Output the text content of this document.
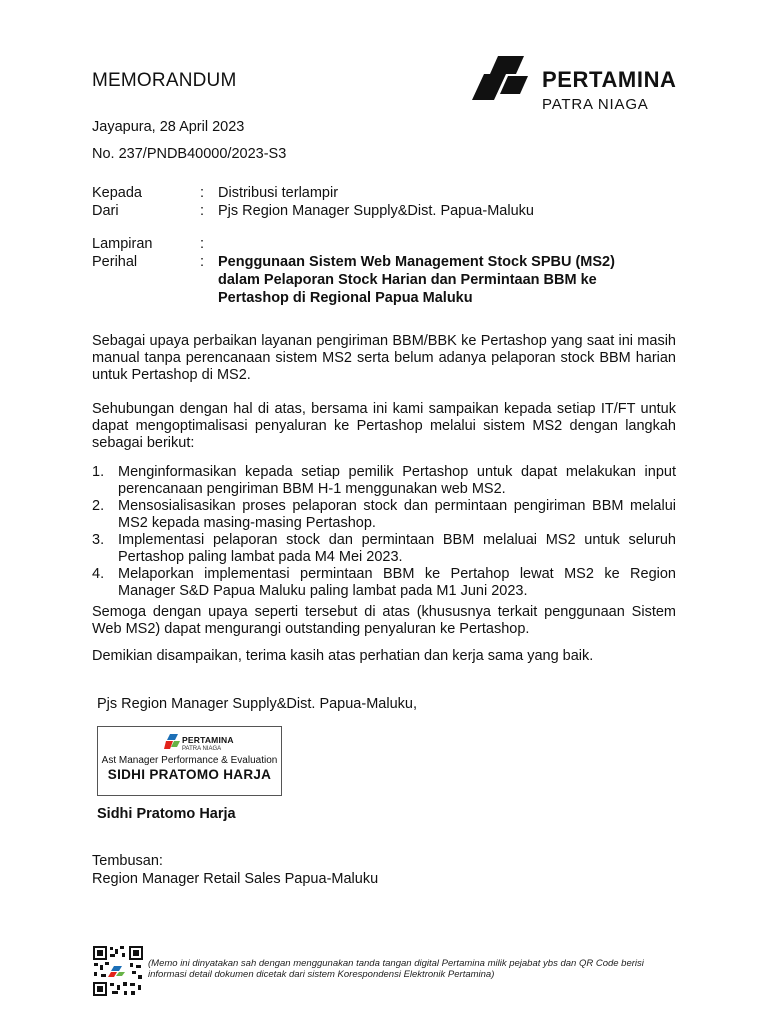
MEMORANDUM	PERTAMINA
PATRA NIAGA
Jayapura, 28 April 2023
No. 237/PNDB40000/2023-S3
Kepada	: Distribusi terlampir
Dari	: Pjs Region Manager Supply&Dist. Papua-Maluku
Lampiran	:
Perihal	: Penggunaan Sistem Web Management Stock SPBU (MS2) dalam Pelaporan Stock Harian dan Permintaan BBM ke Pertashop di Regional Papua Maluku
Sebagai upaya perbaikan layanan pengiriman BBM/BBK ke Pertashop yang saat ini masih manual tanpa perencanaan sistem MS2 serta belum adanya pelaporan stock BBM harian untuk Pertashop di MS2.
Sehubungan dengan hal di atas, bersama ini kami sampaikan kepada setiap IT/FT untuk dapat mengoptimalisasi penyaluran ke Pertashop melalui sistem MS2 dengan langkah sebagai berikut:
1. Menginformasikan kepada setiap pemilik Pertashop untuk dapat melakukan input perencanaan pengiriman BBM H-1 menggunakan web MS2.
2. Mensosialisasikan proses pelaporan stock dan permintaan pengiriman BBM melalui MS2 kepada masing-masing Pertashop.
3. Implementasi pelaporan stock dan permintaan BBM melaluai MS2 untuk seluruh Pertashop paling lambat pada M4 Mei 2023.
4. Melaporkan implementasi permintaan BBM ke Pertahop lewat MS2 ke Region Manager S&D Papua Maluku paling lambat pada M1 Juni 2023.
Semoga dengan upaya seperti tersebut di atas (khususnya terkait penggunaan Sistem Web MS2) dapat mengurangi outstanding penyaluran ke Pertashop.
Demikian disampaikan, terima kasih atas perhatian dan kerja sama yang baik.
Pjs Region Manager Supply&Dist. Papua-Maluku,
PERTAMINA
PATRA NIAGA
Ast Manager Performance & Evaluation
SIDHI PRATOMO HARJA
Sidhi Pratomo Harja
Tembusan:
Region Manager Retail Sales Papua-Maluku
(Memo ini dinyatakan sah dengan menggunakan tanda tangan digital Pertamina milik pejabat ybs dan QR Code berisi informasi detail dokumen dicetak dari sistem Korespondensi Elektronik Pertamina)
